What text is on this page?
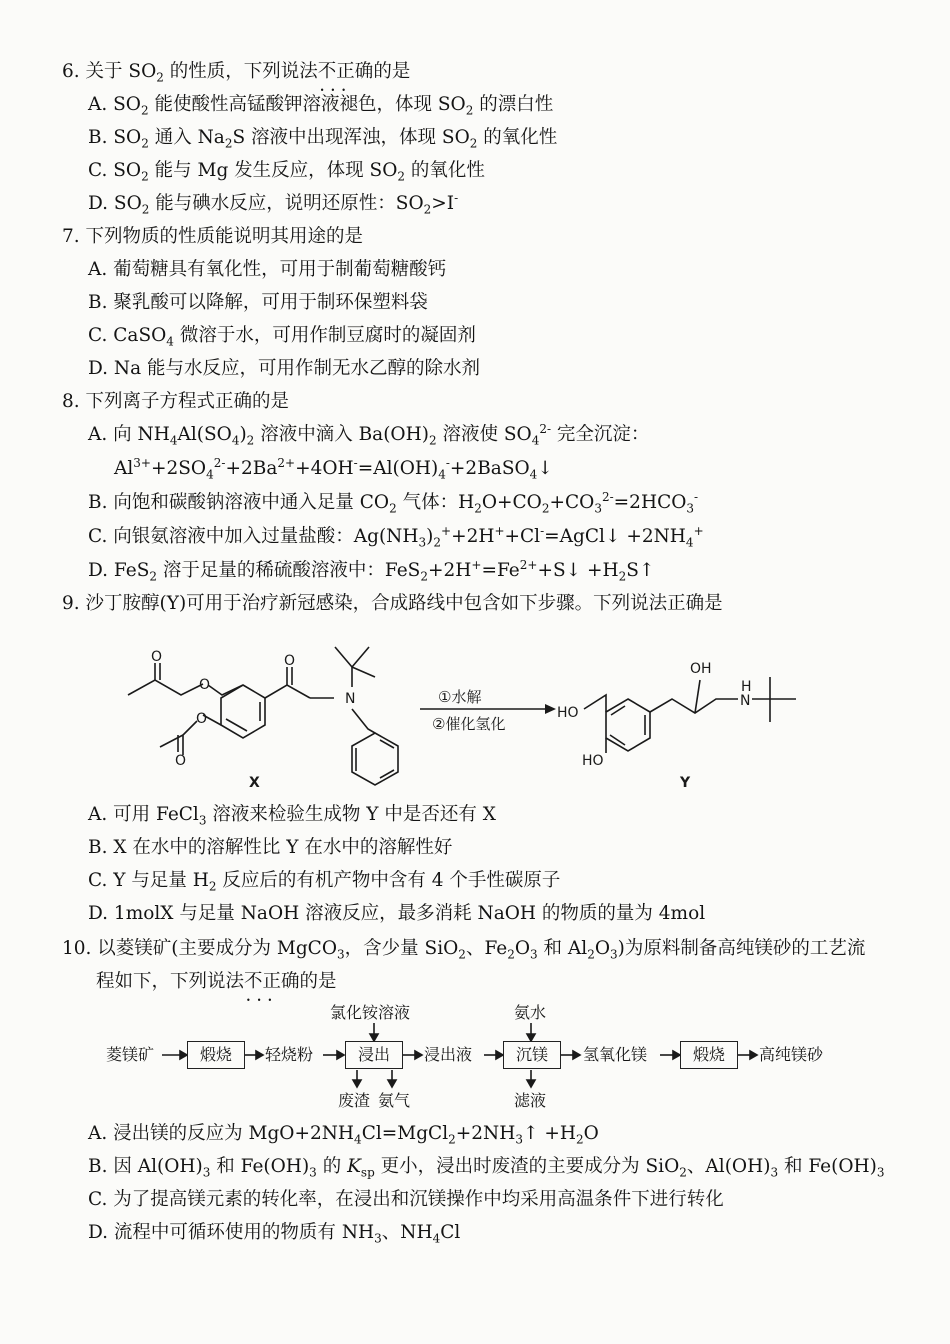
6. 关于 $SO_2$ 的性质，下列说法不正确 •••的是
A. $SO_2$ 能使酸性高锰酸钾溶液褪色，体现 $SO_2$ 的漂白性
B. $SO_2$ 通入 $Na_2S$ 溶液中出现浑浊，体现 $SO_2$ 的氧化性
C. $SO_2$ 能与 Mg 发生反应，体现 $SO_2$ 的氧化性
D. $SO_2$ 能与碘水反应，说明还原性：$SO_2>I^-$
7. 下列物质的性质能说明其用途的是
A. 葡萄糖具有氧化性，可用于制葡萄糖酸钙
B. 聚乳酸可以降解，可用于制环保塑料袋
C. CaSO$_4$ 微溶于水，可用作制豆腐时的凝固剂
D. Na 能与水反应，可用作制无水乙醇的除水剂
8. 下列离子方程式正确的是
A. 向 $NH_4Al(SO_4)_2$ 溶液中滴入 $Ba(OH)_2$ 溶液使 $SO_4^{2-}$ 完全沉淀：
$Al^{3+}+2SO_4^{2-}+2Ba^{2+}+4OH^-=Al(OH)_4^-+2BaSO_4↓$
B. 向饱和碳酸钠溶液中通入足量 $CO_2$ 气体：$H_2O+CO_2+CO_3^{2-}=2HCO_3^-$
C. 向银氨溶液中加入过量盐酸：$Ag(NH_3)_2^++2H^++Cl^-=AgCl↓ +2NH_4^+$
D. FeS$_2$ 溶于足量的稀硫酸溶液中：$FeS_2+2H^+=Fe^{2+}+S↓$ $+H_2S↑$
9. 沙丁胺醇(Y)可用于治疗新冠感染，合成路线中包含如下步骤。下列说法正确是
O
O
O
O
O
N
X
①水解
②催化氢化
OH
HO
HO
H
N
Y
A. 可用 FeCl$_3$ 溶液来检验生成物 Y 中是否还有 X
B. X 在水中的溶解性比 Y 在水中的溶解性好
C. Y 与足量 $H_2$ 反应后的有机产物中含有 4 个手性碳原子
D. 1molX 与足量 NaOH 溶液反应，最多消耗 NaOH 的物质的量为 4mol
10. 以菱镁矿(主要成分为 MgCO$_3$，含少量 SiO$_2$、$Fe_2O_3$ 和 $Al_2O_3$)为原料制备高纯镁砂的工艺流
程如下，下列说法不正确 •••的是
菱镁矿	煅烧	轻烧粉	浸出	浸出液	沉镁	氢氧化镁	煅烧	高纯镁砂
氯化铵溶液	氨水
废渣 氨气	滤液
A. 浸出镁的反应为 $MgO+2NH_4Cl=MgCl_2+2NH_3↑ +H_2O$
B. 因 $Al(OH)_3$ 和 $Fe(OH)_3$ 的 $K_{sp}$ 更小，浸出时废渣的主要成分为 SiO$_2$、$Al(OH)_3$ 和 $Fe(OH)_3$
C. 为了提高镁元素的转化率，在浸出和沉镁操作中均采用高温条件下进行转化
D. 流程中可循环使用的物质有 $NH_3$、$NH_4Cl$
